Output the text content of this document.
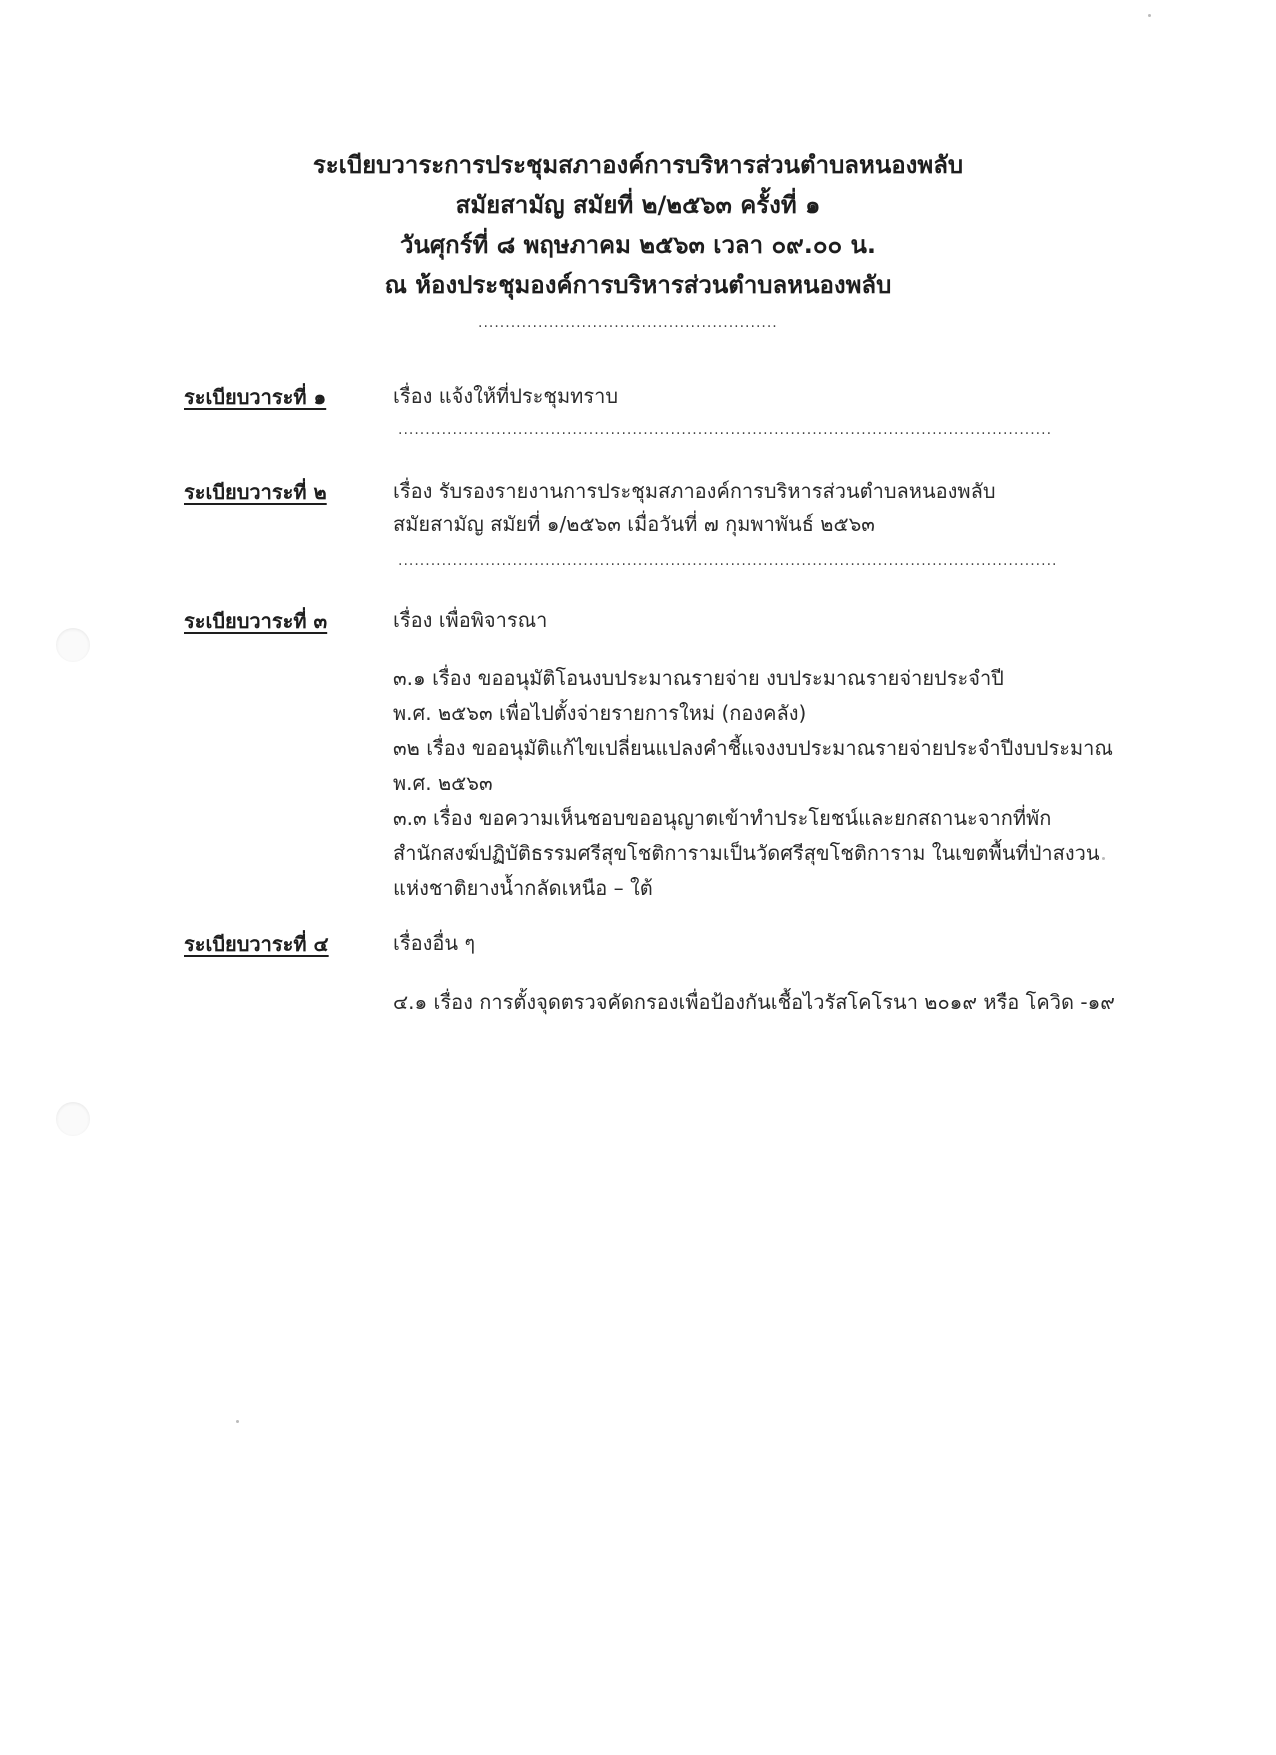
ระเบียบวาระการประชุมสภาองค์การบริหารส่วนตำบลหนองพลับ
สมัยสามัญ สมัยที่ ๒/๒๕๖๓ ครั้งที่ ๑
วันศุกร์ที่ ๘ พฤษภาคม ๒๕๖๓ เวลา ๐๙.๐๐ น.
ณ ห้องประชุมองค์การบริหารส่วนตำบลหนองพลับ
.......................................................
ระเบียบวาระที่ ๑	เรื่อง แจ้งให้ที่ประชุมทราบ
........................................................................................................................
ระเบียบวาระที่ ๒	เรื่อง รับรองรายงานการประชุมสภาองค์การบริหารส่วนตำบลหนองพลับ
สมัยสามัญ สมัยที่ ๑/๒๕๖๓ เมื่อวันที่ ๗ กุมพาพันธ์ ๒๕๖๓
.........................................................................................................................
ระเบียบวาระที่ ๓	เรื่อง เพื่อพิจารณา
๓.๑ เรื่อง ขออนุมัติโอนงบประมาณรายจ่าย งบประมาณรายจ่ายประจำปี
พ.ศ. ๒๕๖๓ เพื่อไปตั้งจ่ายรายการใหม่ (กองคลัง)
๓๒ เรื่อง ขออนุมัติแก้ไขเปลี่ยนแปลงคำชี้แจงงบประมาณรายจ่ายประจำปีงบประมาณ
พ.ศ. ๒๕๖๓
๓.๓ เรื่อง ขอความเห็นชอบขออนุญาตเข้าทำประโยชน์และยกสถานะจากที่พัก
สำนักสงฆ์ปฏิบัติธรรมศรีสุขโชติการามเป็นวัดศรีสุขโชติการาม ในเขตพื้นที่ป่าสงวน
แห่งชาติยางน้ำกลัดเหนือ – ใต้
ระเบียบวาระที่ ๔	เรื่องอื่น ๆ
๔.๑ เรื่อง การตั้งจุดตรวจคัดกรองเพื่อป้องกันเชื้อไวรัสโคโรนา ๒๐๑๙ หรือ โควิด -๑๙
